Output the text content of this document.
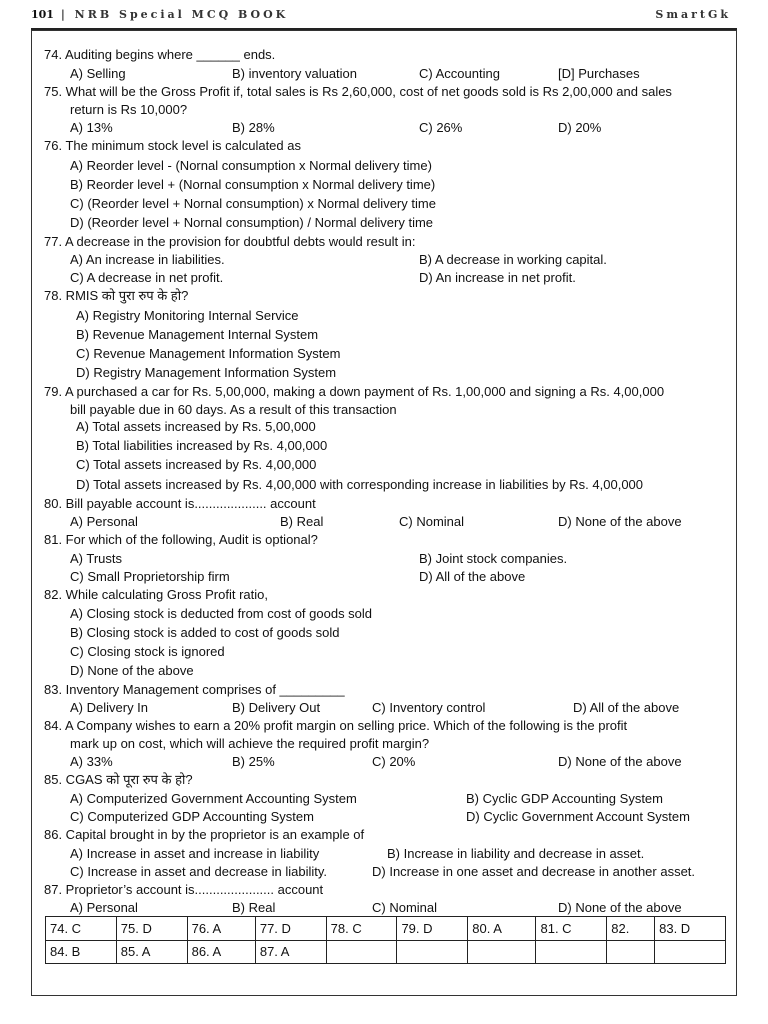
101 | NRB Special MCQ BOOK	SmartGk
74. Auditing begins where ______ ends.
A) Selling	B) inventory valuation	C) Accounting	[D] Purchases
75. What will be the Gross Profit if, total sales is Rs 2,60,000, cost of net goods sold is Rs 2,00,000 and sales
return is Rs 10,000?
A) 13%	B) 28%	C) 26%	D) 20%
76. The minimum stock level is calculated as
A) Reorder level - (Nornal consumption x Normal delivery time)
B) Reorder level + (Nornal consumption x Normal delivery time)
C) (Reorder level + Nornal consumption) x Normal delivery time
D) (Reorder level + Nornal consumption) / Normal delivery time
77. A decrease in the provision for doubtful debts would result in:
A) An increase in liabilities.	B) A decrease in working capital.
C) A decrease in net profit.	D) An increase in net profit.
78. RMIS को पुरा रुप के हो?
A) Registry Monitoring Internal Service
B) Revenue Management Internal System
C) Revenue Management Information System
D) Registry Management Information System
79. A purchased a car for Rs. 5,00,000, making a down payment of Rs. 1,00,000 and signing a Rs. 4,00,000
bill payable due in 60 days. As a result of this transaction
A) Total assets increased by Rs. 5,00,000
B) Total liabilities increased by Rs. 4,00,000
C) Total assets increased by Rs. 4,00,000
D) Total assets increased by Rs. 4,00,000 with corresponding increase in liabilities by Rs. 4,00,000
80. Bill payable account is.................... account
A) Personal	B) Real	C) Nominal	D) None of the above
81. For which of the following, Audit is optional?
A) Trusts	B) Joint stock companies.
C) Small Proprietorship firm	D) All of the above
82. While calculating Gross Profit ratio,
A) Closing stock is deducted from cost of goods sold
B) Closing stock is added to cost of goods sold
C) Closing stock is ignored
D) None of the above
83. Inventory Management comprises of _________
A) Delivery In	B) Delivery Out	C) Inventory control	D) All of the above
84. A Company wishes to earn a 20% profit margin on selling price. Which of the following is the profit
mark up on cost, which will achieve the required profit margin?
A) 33%	B) 25%	C) 20%	D) None of the above
85. CGAS को पूरा रुप के हो?
A) Computerized Government Accounting System	B) Cyclic GDP Accounting System
C) Computerized GDP Accounting System	D) Cyclic Government Account System
86. Capital brought in by the proprietor is an example of
A) Increase in asset and increase in liability	B) Increase in liability and decrease in asset.
C) Increase in asset and decrease in liability.	D) Increase in one asset and decrease in another asset.
87. Proprietor’s account is...................... account
A) Personal	B) Real	C) Nominal	D) None of the above
74. C	75. D	76. A	77. D	78. C	79. D	80. A	81. C	82.	83. D
84. B	85. A	86. A	87. A						
